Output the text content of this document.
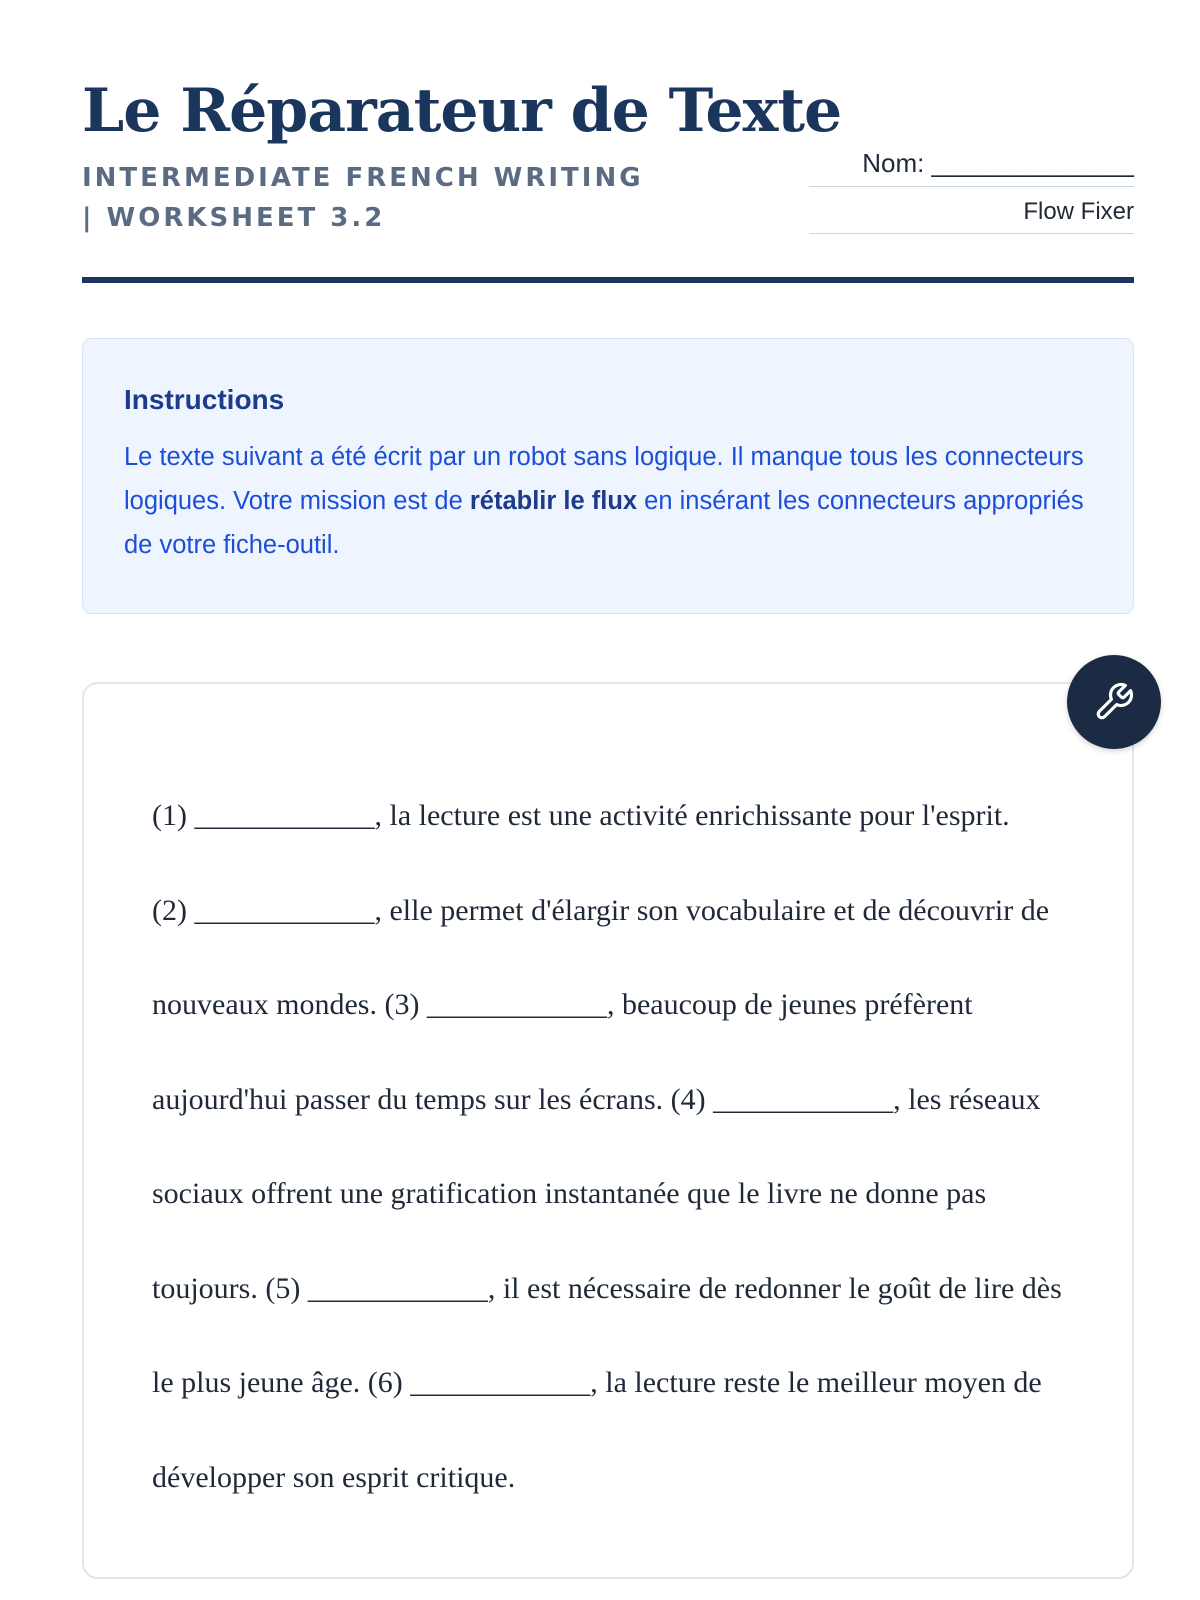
Le Réparateur de Texte
INTERMEDIATE FRENCH WRITING | WORKSHEET 3.2
Nom: ______________
Flow Fixer
Instructions

Le texte suivant a été écrit par un robot sans logique. Il manque tous les connecteurs logiques. Votre mission est de rétablir le flux en insérant les connecteurs appropriés de votre fiche-outil.

(1) ____________, la lecture est une activité enrichissante pour l'esprit.
(2) ____________, elle permet d'élargir son vocabulaire et de découvrir de nouveaux mondes. (3) ____________, beaucoup de jeunes préfèrent aujourd'hui passer du temps sur les écrans. (4) ____________, les réseaux sociaux offrent une gratification instantanée que le livre ne donne pas toujours. (5) ____________, il est nécessaire de redonner le goût de lire dès le plus jeune âge. (6) ____________, la lecture reste le meilleur moyen de développer son esprit critique.
